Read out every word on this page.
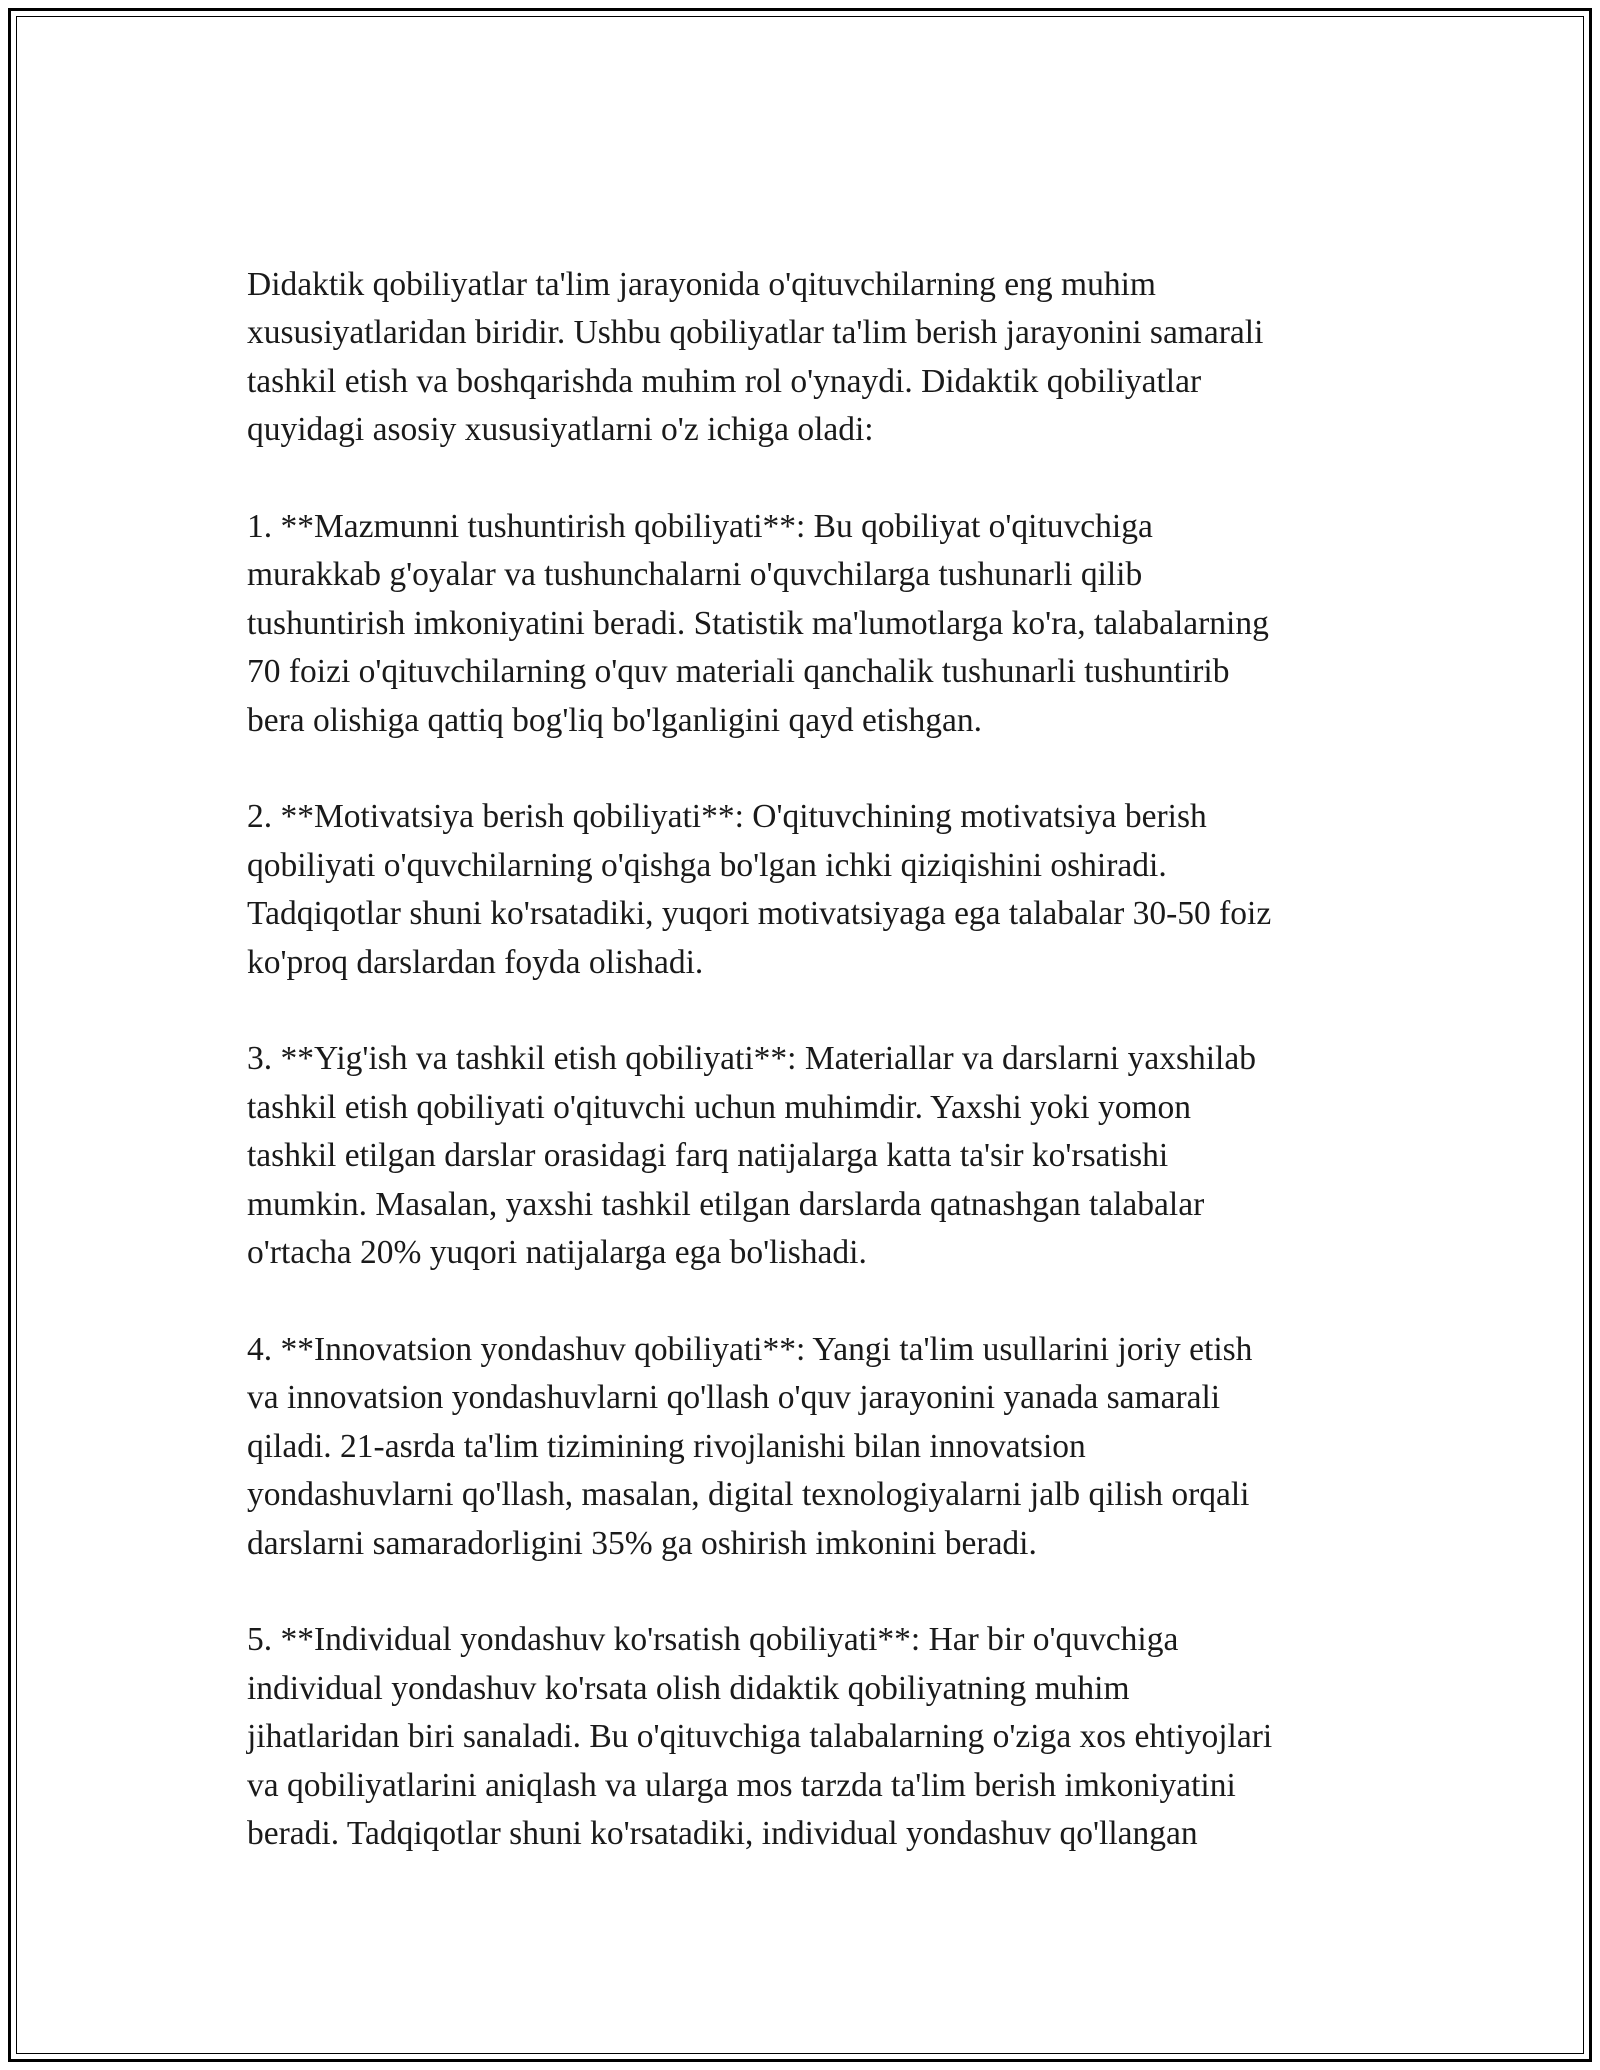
Didaktik qobiliyatlar ta'lim jarayonida o'qituvchilarning eng muhim
xususiyatlaridan biridir. Ushbu qobiliyatlar ta'lim berish jarayonini samarali
tashkil etish va boshqarishda muhim rol o'ynaydi. Didaktik qobiliyatlar
quyidagi asosiy xususiyatlarni o'z ichiga oladi:

1. **Mazmunni tushuntirish qobiliyati**: Bu qobiliyat o'qituvchiga
murakkab g'oyalar va tushunchalarni o'quvchilarga tushunarli qilib
tushuntirish imkoniyatini beradi. Statistik ma'lumotlarga ko'ra, talabalarning
70 foizi o'qituvchilarning o'quv materiali qanchalik tushunarli tushuntirib
bera olishiga qattiq bog'liq bo'lganligini qayd etishgan.

2. **Motivatsiya berish qobiliyati**: O'qituvchining motivatsiya berish
qobiliyati o'quvchilarning o'qishga bo'lgan ichki qiziqishini oshiradi.
Tadqiqotlar shuni ko'rsatadiki, yuqori motivatsiyaga ega talabalar 30-50 foiz
ko'proq darslardan foyda olishadi.

3. **Yig'ish va tashkil etish qobiliyati**: Materiallar va darslarni yaxshilab
tashkil etish qobiliyati o'qituvchi uchun muhimdir. Yaxshi yoki yomon
tashkil etilgan darslar orasidagi farq natijalarga katta ta'sir ko'rsatishi
mumkin. Masalan, yaxshi tashkil etilgan darslarda qatnashgan talabalar
o'rtacha 20% yuqori natijalarga ega bo'lishadi.

4. **Innovatsion yondashuv qobiliyati**: Yangi ta'lim usullarini joriy etish
va innovatsion yondashuvlarni qo'llash o'quv jarayonini yanada samarali
qiladi. 21-asrda ta'lim tizimining rivojlanishi bilan innovatsion
yondashuvlarni qo'llash, masalan, digital texnologiyalarni jalb qilish orqali
darslarni samaradorligini 35% ga oshirish imkonini beradi.

5. **Individual yondashuv ko'rsatish qobiliyati**: Har bir o'quvchiga
individual yondashuv ko'rsata olish didaktik qobiliyatning muhim
jihatlaridan biri sanaladi. Bu o'qituvchiga talabalarning o'ziga xos ehtiyojlari
va qobiliyatlarini aniqlash va ularga mos tarzda ta'lim berish imkoniyatini
beradi. Tadqiqotlar shuni ko'rsatadiki, individual yondashuv qo'llangan
